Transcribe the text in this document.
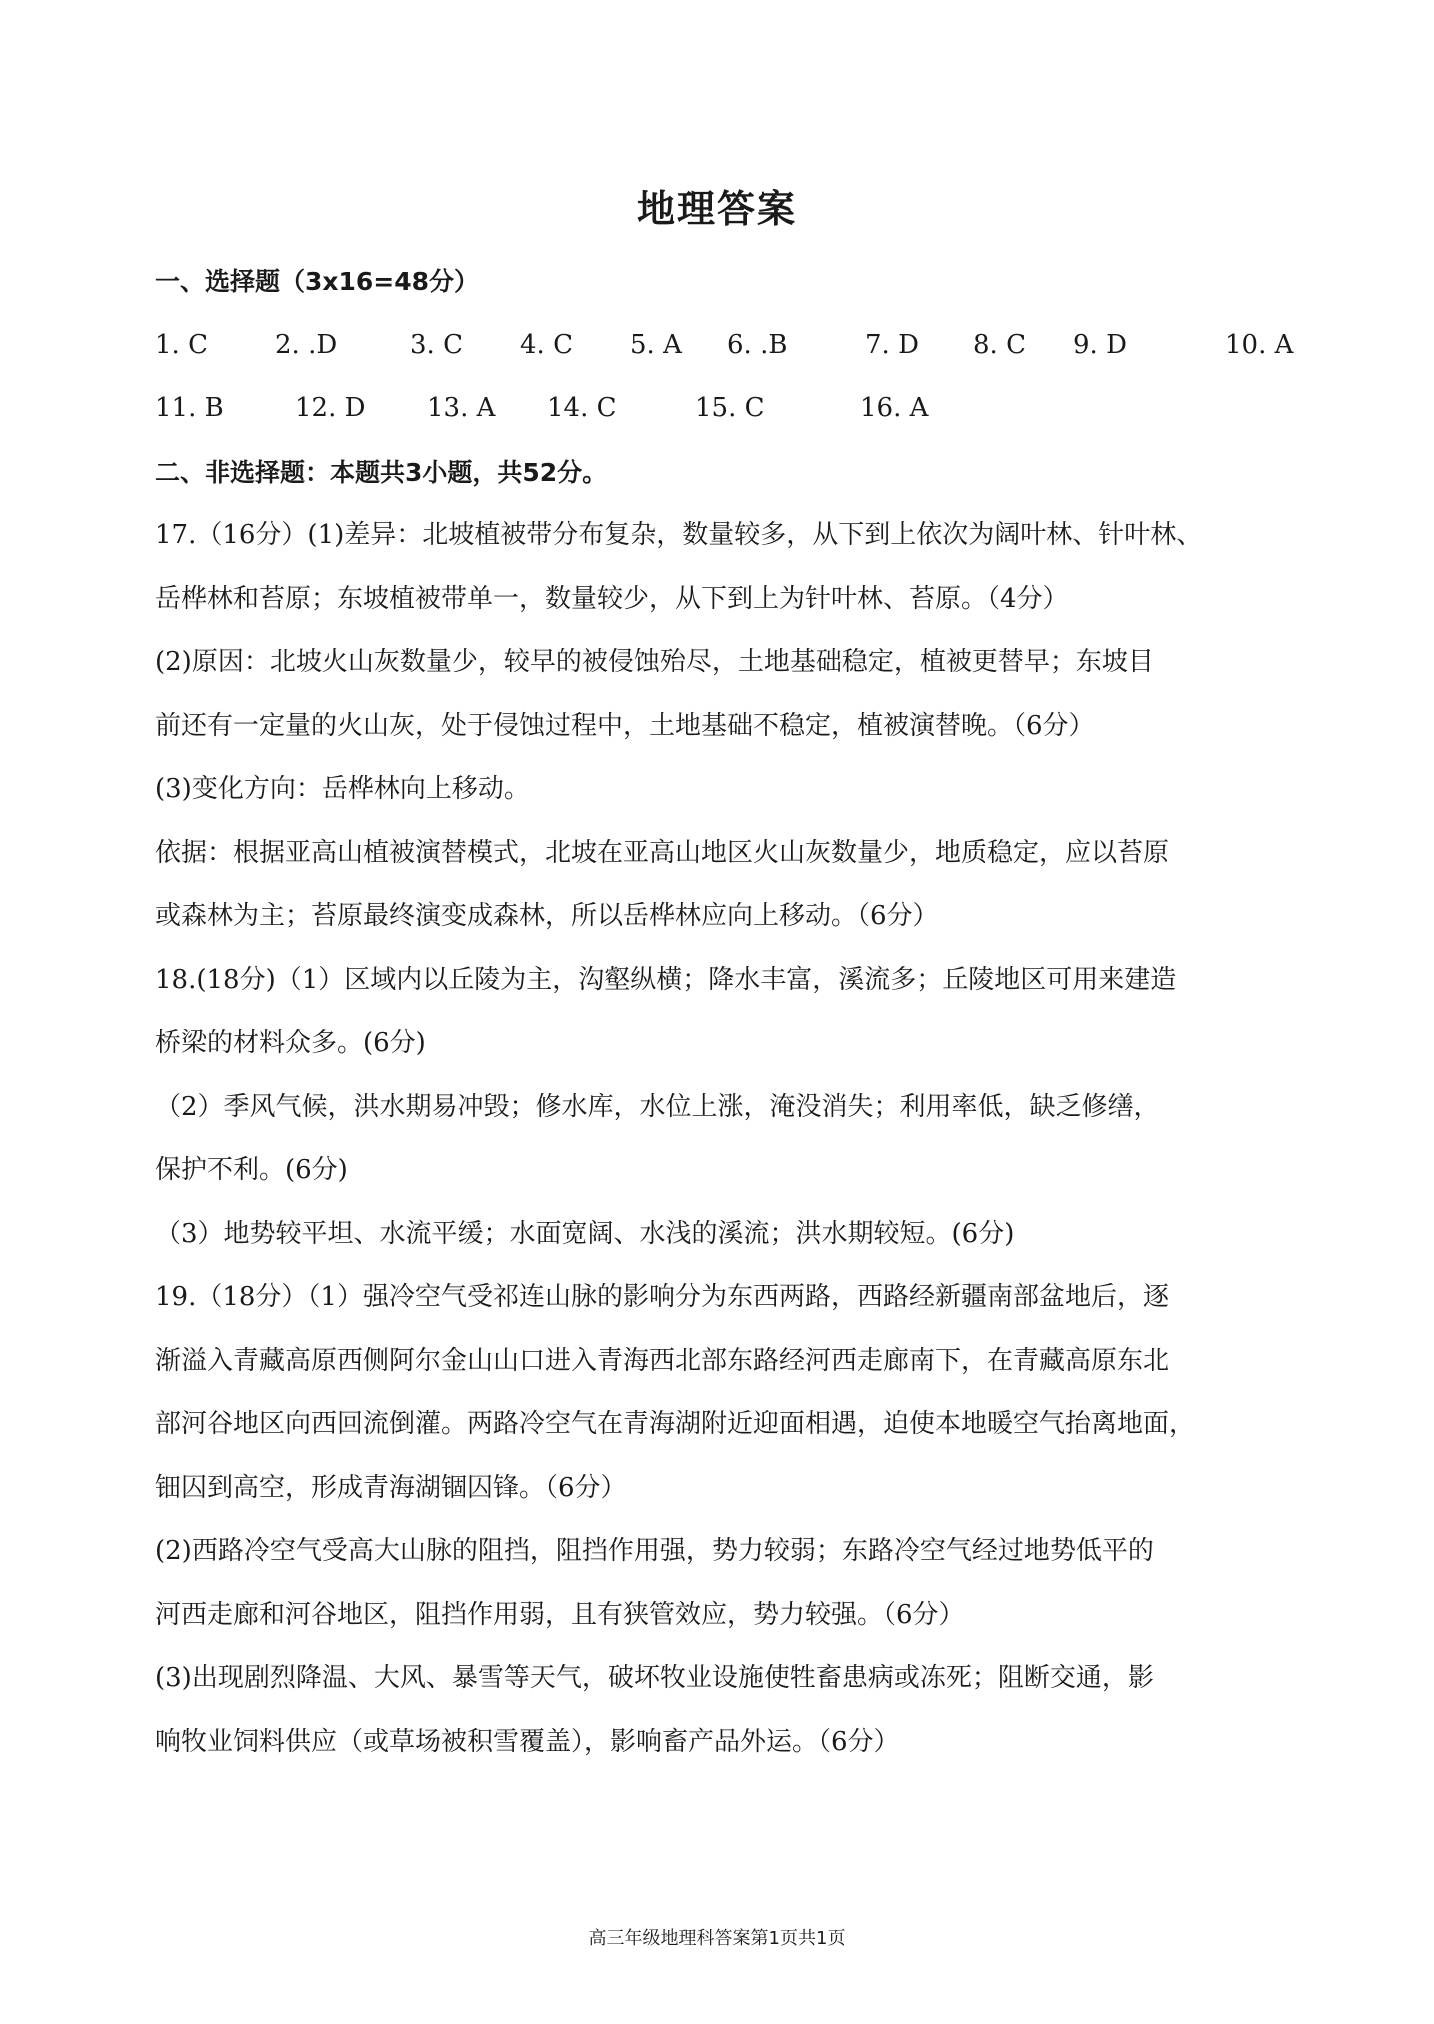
地理答案
一、选择题（3x16=48分）
1. C	2. .D	3. C 4. C 5. A 6. .B	7. D 8. C 9. D	10. A
11. B	12. D 13. A 14. C	15. C	16. A
二、非选择题：本题共3小题，共52分。
17.（16分）(1)差异：北坡植被带分布复杂，数量较多，从下到上依次为阔叶林、针叶林、
岳桦林和苔原；东坡植被带单一，数量较少，从下到上为针叶林、苔原。（4分）
(2)原因：北坡火山灰数量少，较早的被侵蚀殆尽，土地基础稳定，植被更替早；东坡目
前还有一定量的火山灰，处于侵蚀过程中，土地基础不稳定，植被演替晚。（6分）
(3)变化方向：岳桦林向上移动。
依据：根据亚高山植被演替模式，北坡在亚高山地区火山灰数量少，地质稳定，应以苔原
或森林为主；苔原最终演变成森林，所以岳桦林应向上移动。（6分）
18.(18分)（1）区域内以丘陵为主，沟壑纵横；降水丰富，溪流多；丘陵地区可用来建造
桥梁的材料众多。(6分)
（2）季风气候，洪水期易冲毁；修水库，水位上涨，淹没消失；利用率低，缺乏修缮，
保护不利。(6分)
（3）地势较平坦、水流平缓；水面宽阔、水浅的溪流；洪水期较短。(6分)
19.（18分）（1）强冷空气受祁连山脉的影响分为东西两路，西路经新疆南部盆地后，逐
渐溢入青藏高原西侧阿尔金山山口进入青海西北部东路经河西走廊南下，在青藏高原东北
部河谷地区向西回流倒灌。两路冷空气在青海湖附近迎面相遇，迫使本地暖空气抬离地面，
钿囚到高空，形成青海湖锢囚锋。（6分）
(2)西路冷空气受高大山脉的阻挡，阻挡作用强，势力较弱；东路冷空气经过地势低平的
河西走廊和河谷地区，阻挡作用弱，且有狭管效应，势力较强。（6分）
(3)出现剧烈降温、大风、暴雪等天气，破坏牧业设施使牲畜患病或冻死；阻断交通，影
响牧业饲料供应（或草场被积雪覆盖），影响畜产品外运。（6分）
高三年级地理科答案第1页共1页
